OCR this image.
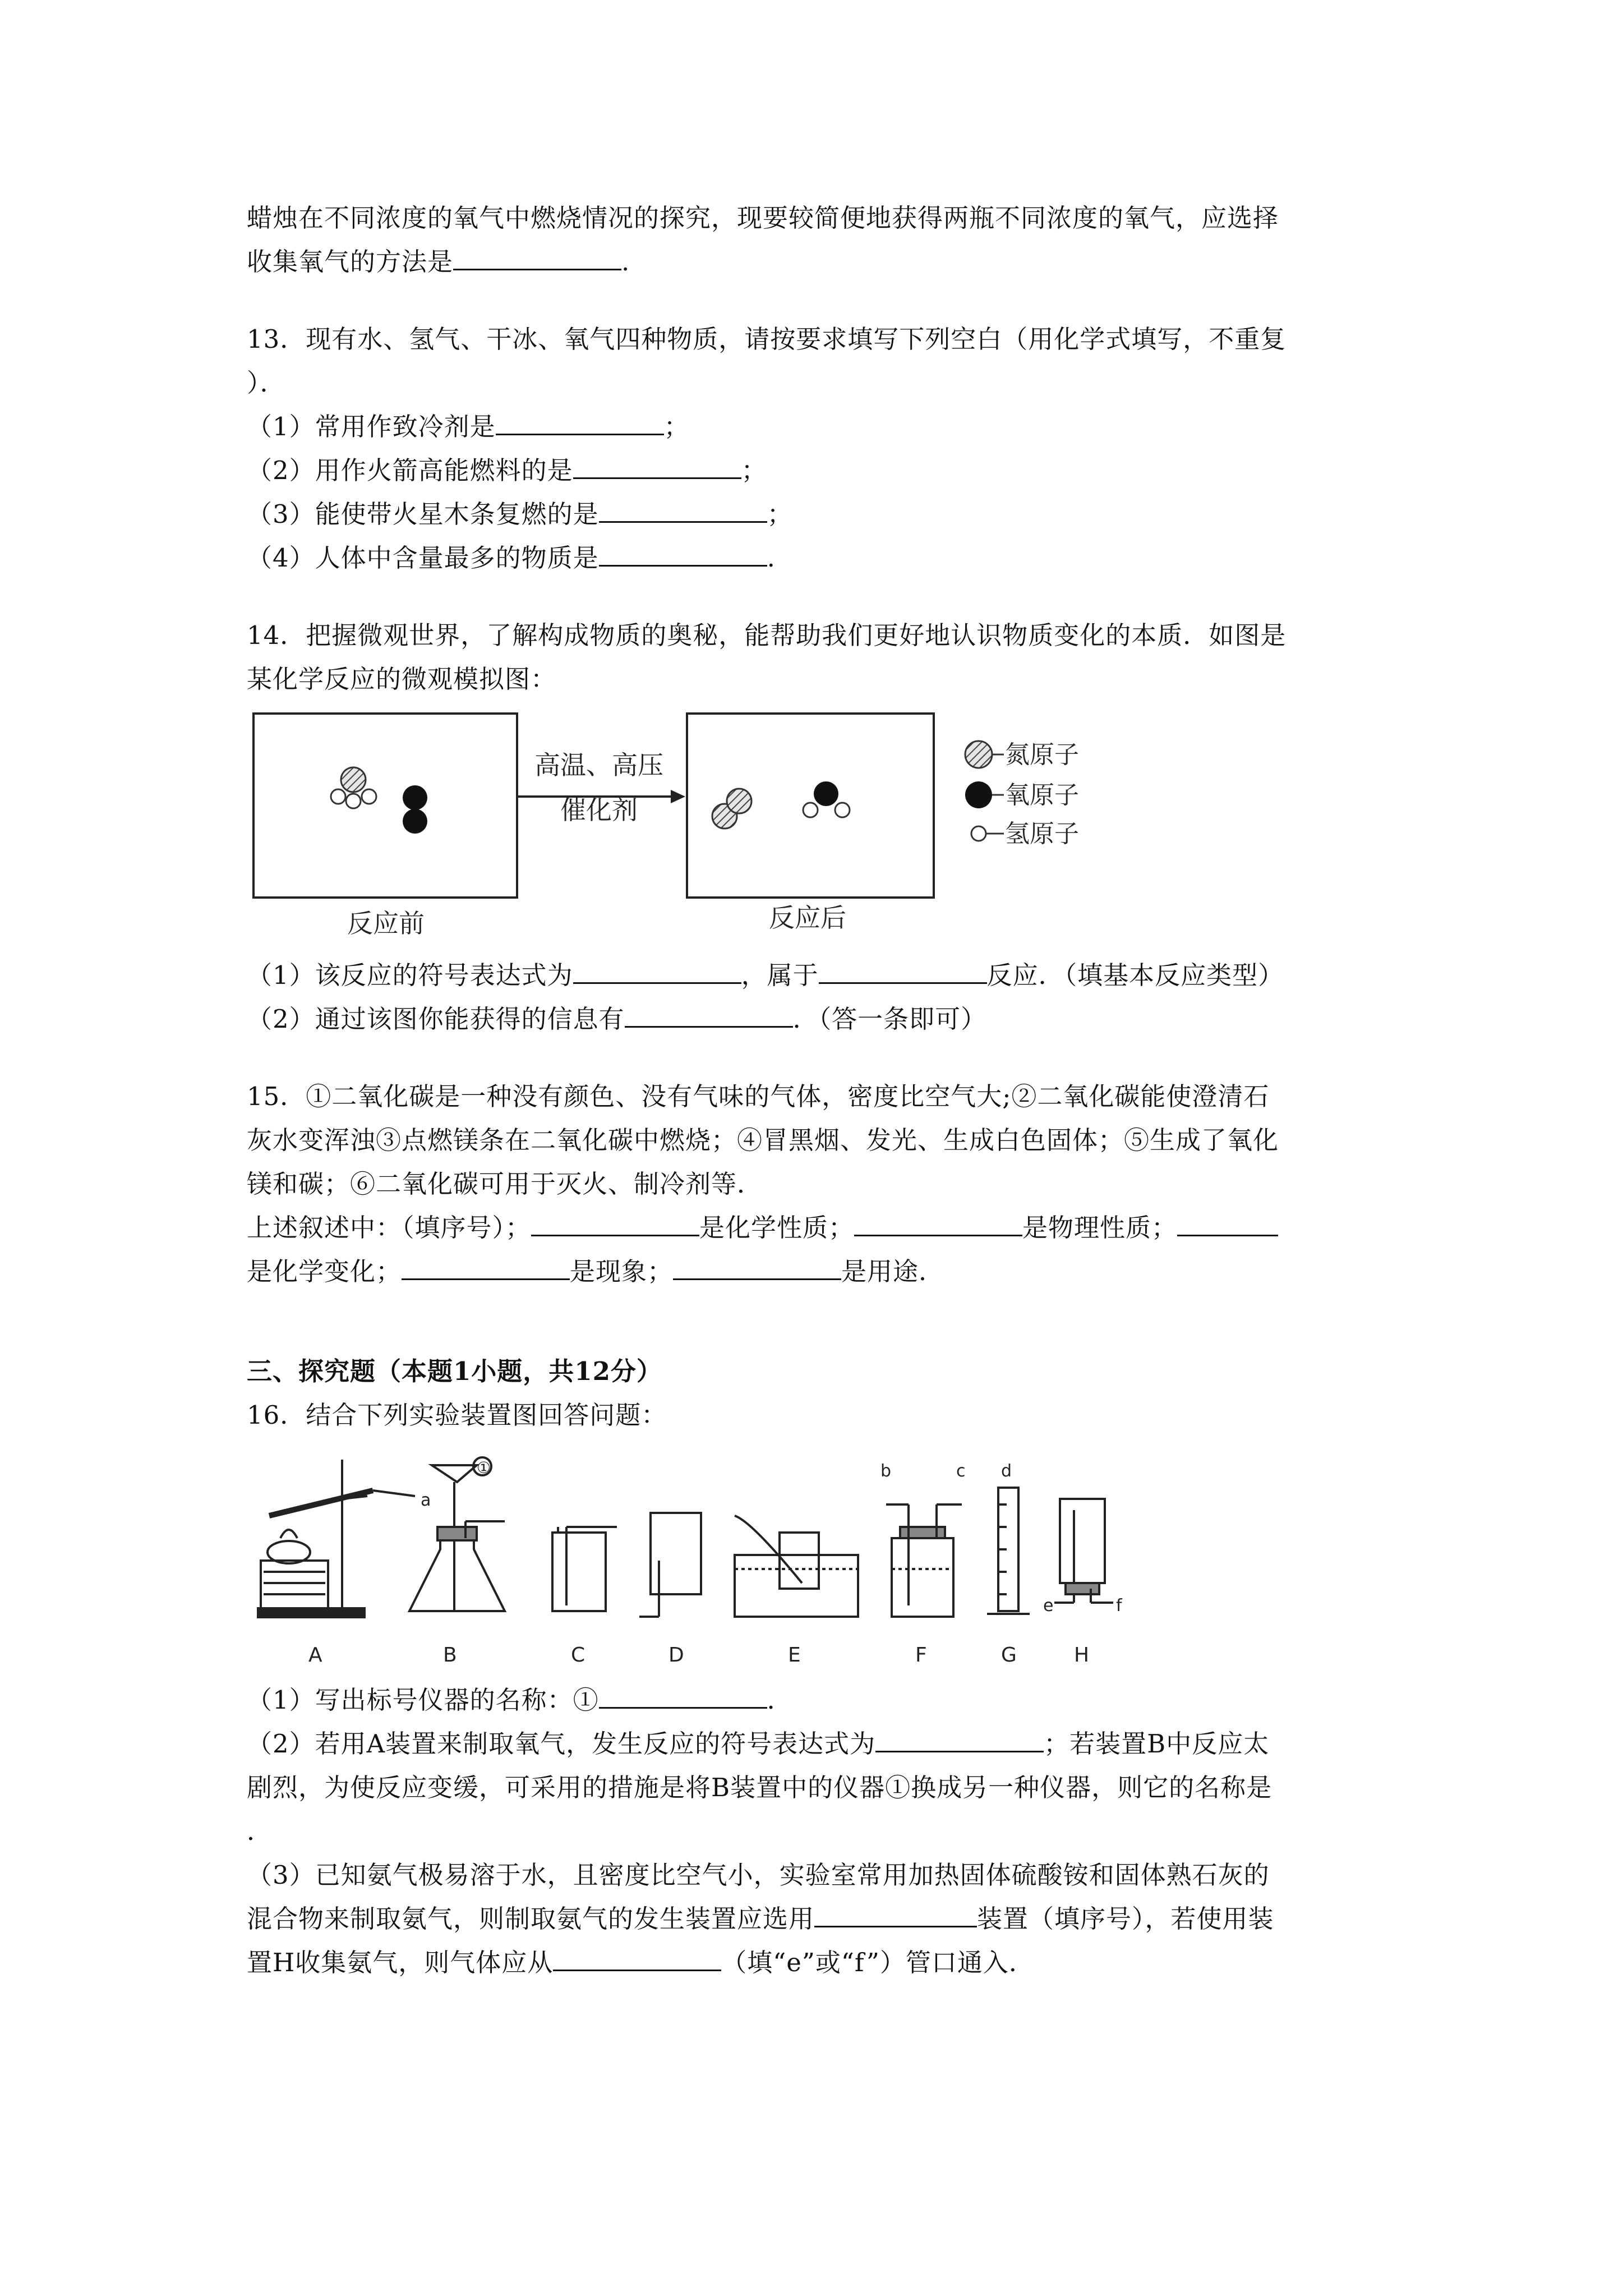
蜡烛在不同浓度的氧气中燃烧情况的探究，现要较简便地获得两瓶不同浓度的氧气，应选择

收集氧气的方法是	.

13．现有水、氢气、干冰、氧气四种物质，请按要求填写下列空白（用化学式填写，不重复

）．

（1）常用作致冷剂是	；

（2）用作火箭高能燃料的是	；

（3）能使带火星木条复燃的是	；

（4）人体中含量最多的物质是	.

14．把握微观世界，了解构成物质的奥秘，能帮助我们更好地认识物质变化的本质．如图是

某化学反应的微观模拟图：

高温、高压
催化剂
反应前	反应后
氮原子
氧原子
氢原子

（1）该反应的符号表达式为	，属于	反应．（填基本反应类型）

（2）通过该图你能获得的信息有	．（答一条即可）

15．①二氧化碳是一种没有颜色、没有气味的气体，密度比空气大;②二氧化碳能使澄清石

灰水变浑浊③点燃镁条在二氧化碳中燃烧；④冒黑烟、发光、生成白色固体；⑤生成了氧化

镁和碳；⑥二氧化碳可用于灭火、制冷剂等．

上述叙述中：（填序号）；	是化学性质；	是物理性质；

是化学变化；	是现象；	是用途．

三、探究题（本题1小题，共12分）

16．结合下列实验装置图回答问题：

a
A
①
B	C	D	E
b	c
F
d
G
e	f
H

（1）写出标号仪器的名称：①	．

（2）若用A装置来制取氧气，发生反应的符号表达式为	；若装置B中反应太

剧烈，为使反应变缓，可采用的措施是将B装置中的仪器①换成另一种仪器，则它的名称是

．

（3）已知氨气极易溶于水，且密度比空气小，实验室常用加热固体硫酸铵和固体熟石灰的

混合物来制取氨气，则制取氨气的发生装置应选用	装置（填序号），若使用装

置H收集氨气，则气体应从	（填“e”或“f”）管口通入．
